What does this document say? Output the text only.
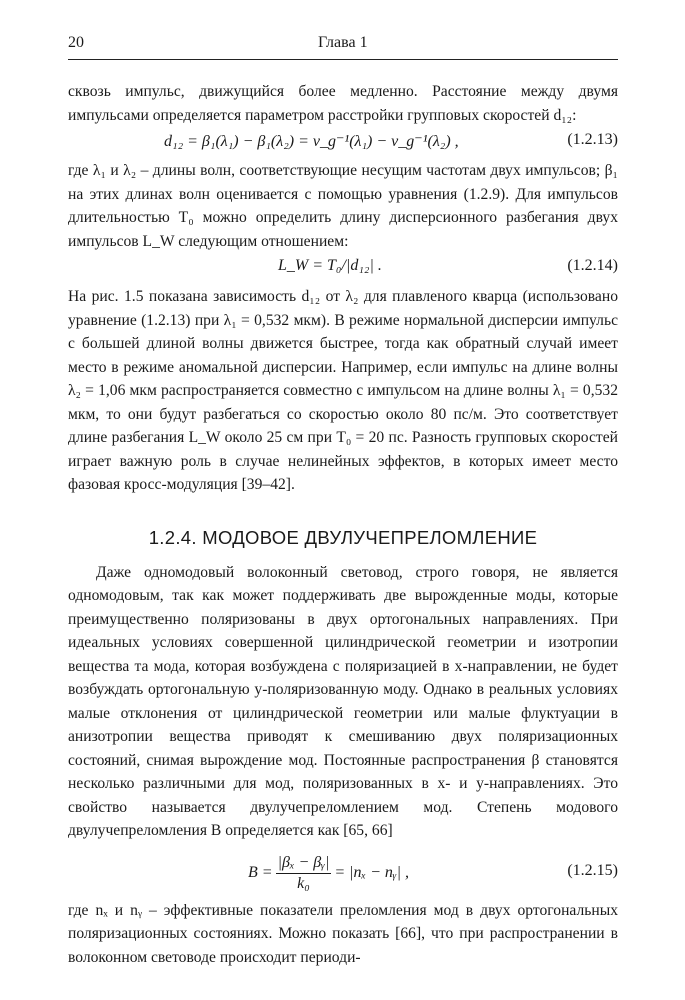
20	Глава 1

сквозь импульс, движущийся более медленно. Расстояние между двумя импульсами определяется параметром расстройки групповых скоростей d₁₂:

d₁₂ = β₁(λ₁) − β₁(λ₂) = v_g⁻¹(λ₁) − v_g⁻¹(λ₂) ,	(1.2.13)

где λ₁ и λ₂ – длины волн, соответствующие несущим частотам двух импульсов; β₁ на этих длинах волн оценивается с помощью уравнения (1.2.9). Для импульсов длительностью T₀ можно определить длину дисперсионного разбегания двух импульсов L_W следующим отношением:

L_W = T₀/|d₁₂| .	(1.2.14)

На рис. 1.5 показана зависимость d₁₂ от λ₂ для плавленого кварца (использовано уравнение (1.2.13) при λ₁ = 0,532 мкм). В режиме нормальной дисперсии импульс с большей длиной волны движется быстрее, тогда как обратный случай имеет место в режиме аномальной дисперсии. Например, если импульс на длине волны λ₂ = 1,06 мкм распространяется совместно с импульсом на длине волны λ₁ = 0,532 мкм, то они будут разбегаться со скоростью около 80 пс/м. Это соответствует длине разбегания L_W около 25 см при T₀ = 20 пс. Разность групповых скоростей играет важную роль в случае нелинейных эффектов, в которых имеет место фазовая кросс-модуляция [39–42].

1.2.4. МОДОВОЕ ДВУЛУЧЕПРЕЛОМЛЕНИЕ

Даже одномодовый волоконный световод, строго говоря, не является одномодовым, так как может поддерживать две вырожденные моды, которые преимущественно поляризованы в двух ортогональных направлениях. При идеальных условиях совершенной цилиндрической геометрии и изотропии вещества та мода, которая возбуждена с поляризацией в x-направлении, не будет возбуждать ортогональную y-поляризованную моду. Однако в реальных условиях малые отклонения от цилиндрической геометрии или малые флуктуации в анизотропии вещества приводят к смешиванию двух поляризационных состояний, снимая вырождение мод. Постоянные распространения β становятся несколько различными для мод, поляризованных в x- и y-направлениях. Это свойство называется двулучепреломлением мод. Степень модового двулучепреломления B определяется как [65, 66]

$B = \frac{\text{|βₓ − βᵧ|}}{\text{k₀}} = |n_x$ − nᵧ| ,	(1.2.15)

где nₓ и nᵧ – эффективные показатели преломления мод в двух ортогональных поляризационных состояниях. Можно показать [66], что при распространении в волоконном световоде происходит периоди-
